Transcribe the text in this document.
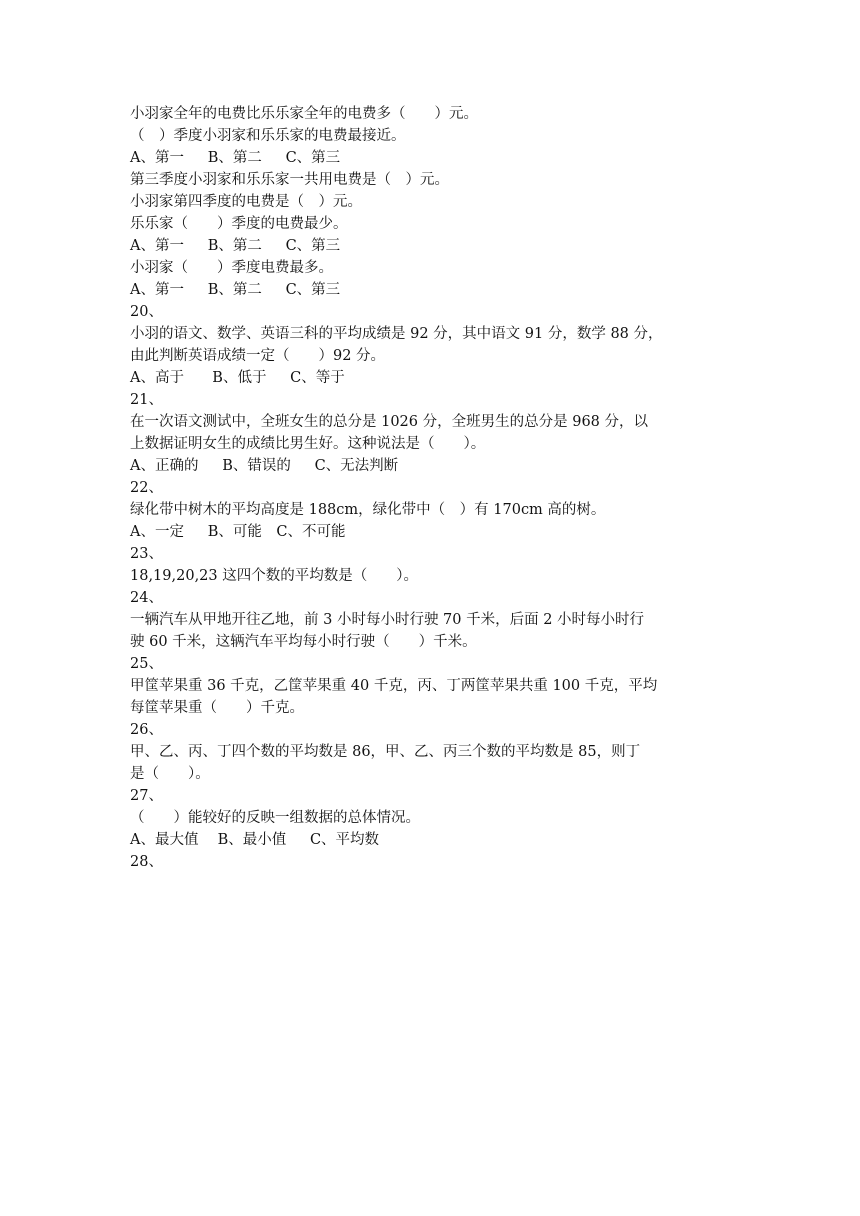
小羽家全年的电费比乐乐家全年的电费多（　　）元。
（　）季度小羽家和乐乐家的电费最接近。
A、第一　  B、第二　  C、第三
第三季度小羽家和乐乐家一共用电费是（　）元。
小羽家第四季度的电费是（　）元。
乐乐家（　　）季度的电费最少。
A、第一　  B、第二　  C、第三
小羽家（　　）季度电费最多。
A、第一　  B、第二　  C、第三
20、
小羽的语文、数学、英语三科的平均成绩是 92 分，其中语文 91 分，数学 88 分，
由此判断英语成绩一定（　　）92 分。
A、高于　   B、低于　  C、等于
21、
在一次语文测试中，全班女生的总分是 1026 分，全班男生的总分是 968 分，以
上数据证明女生的成绩比男生好。这种说法是（　　）。
A、正确的　  B、错误的　  C、无法判断
22、
绿化带中树木的平均高度是 188cm，绿化带中（　）有 170cm 高的树。
A、一定　  B、可能　C、不可能
23、
18,19,20,23 这四个数的平均数是（　　）。
24、
一辆汽车从甲地开往乙地，前 3 小时每小时行驶 70 千米，后面 2 小时每小时行
驶 60 千米，这辆汽车平均每小时行驶（　　）千米。
25、
甲筐苹果重 36 千克，乙筐苹果重 40 千克，丙、丁两筐苹果共重 100 千克，平均
每筐苹果重（　　）千克。
26、
甲、乙、丙、丁四个数的平均数是 86，甲、乙、丙三个数的平均数是 85，则丁
是（　　）。
27、
（　　）能较好的反映一组数据的总体情况。
A、最大值　 B、最小值　  C、平均数
28、
